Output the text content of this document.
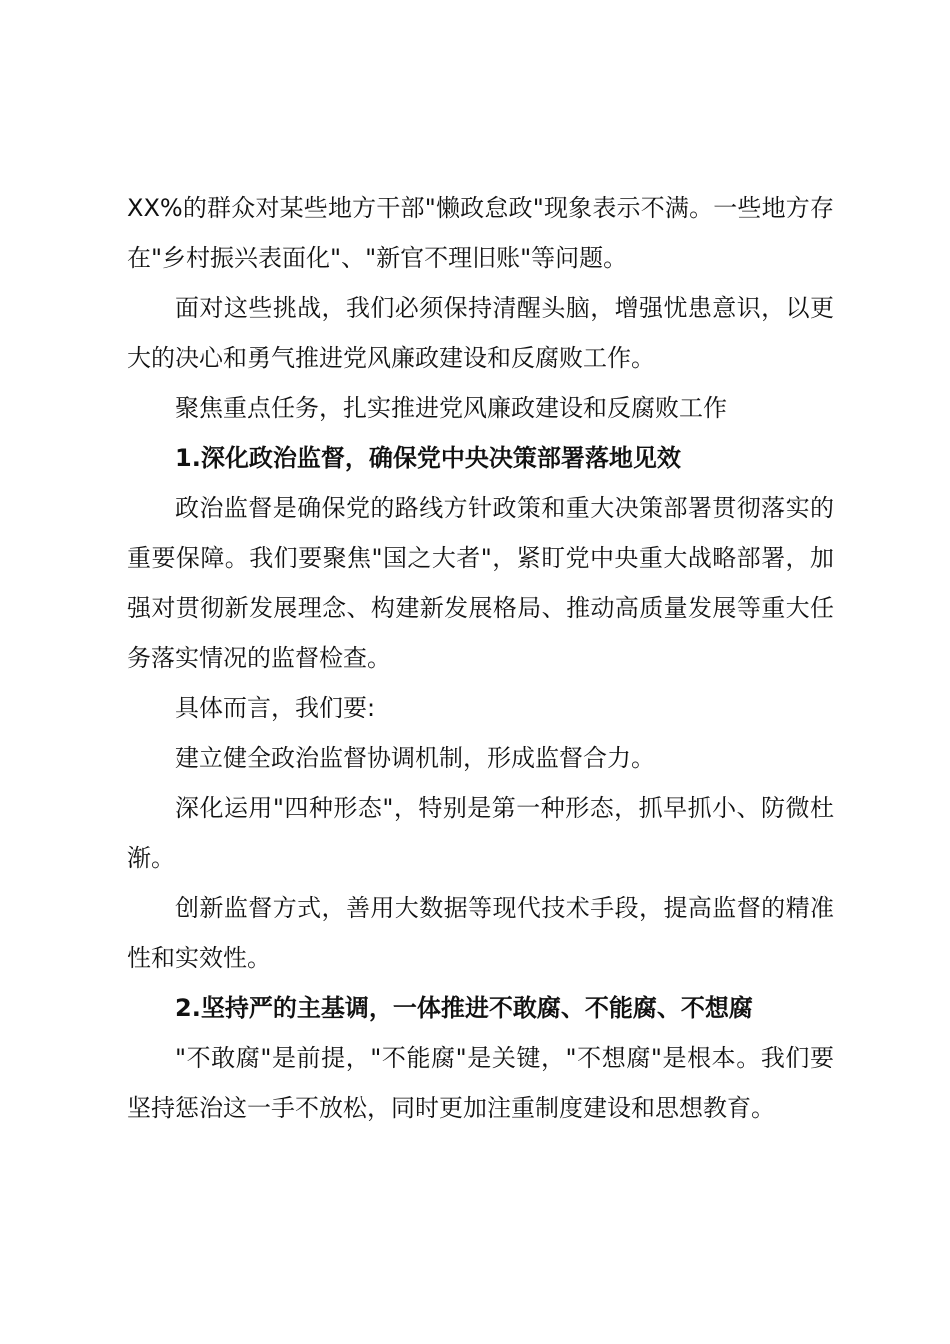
XX%的群众对某些地方干部"懒政怠政"现象表示不满。一些地方存在"乡村振兴表面化"、"新官不理旧账"等问题。

面对这些挑战，我们必须保持清醒头脑，增强忧患意识，以更大的决心和勇气推进党风廉政建设和反腐败工作。

聚焦重点任务，扎实推进党风廉政建设和反腐败工作

1.深化政治监督，确保党中央决策部署落地见效

政治监督是确保党的路线方针政策和重大决策部署贯彻落实的重要保障。我们要聚焦"国之大者"，紧盯党中央重大战略部署，加强对贯彻新发展理念、构建新发展格局、推动高质量发展等重大任务落实情况的监督检查。

具体而言，我们要:

建立健全政治监督协调机制，形成监督合力。

深化运用"四种形态"，特别是第一种形态，抓早抓小、防微杜渐。

创新监督方式，善用大数据等现代技术手段，提高监督的精准性和实效性。

2.坚持严的主基调，一体推进不敢腐、不能腐、不想腐

"不敢腐"是前提，"不能腐"是关键，"不想腐"是根本。我们要坚持惩治这一手不放松，同时更加注重制度建设和思想教育。
